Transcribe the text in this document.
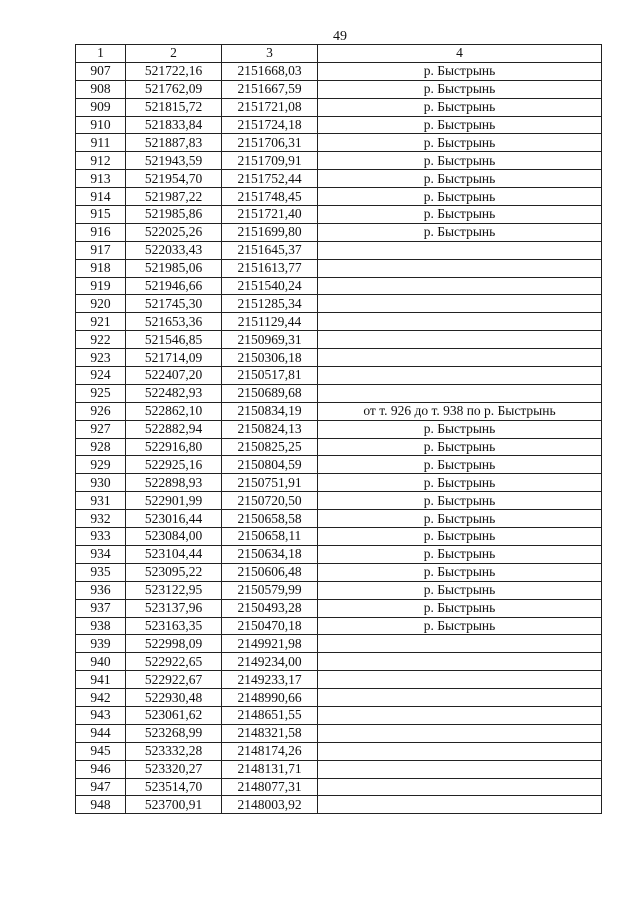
49
1	2	3	4
907	521722,16	2151668,03	р. Быстрынь
908	521762,09	2151667,59	р. Быстрынь
909	521815,72	2151721,08	р. Быстрынь
910	521833,84	2151724,18	р. Быстрынь
911	521887,83	2151706,31	р. Быстрынь
912	521943,59	2151709,91	р. Быстрынь
913	521954,70	2151752,44	р. Быстрынь
914	521987,22	2151748,45	р. Быстрынь
915	521985,86	2151721,40	р. Быстрынь
916	522025,26	2151699,80	р. Быстрынь
917	522033,43	2151645,37	
918	521985,06	2151613,77	
919	521946,66	2151540,24	
920	521745,30	2151285,34	
921	521653,36	2151129,44	
922	521546,85	2150969,31	
923	521714,09	2150306,18	
924	522407,20	2150517,81	
925	522482,93	2150689,68	
926	522862,10	2150834,19	от т. 926 до т. 938 по р. Быстрынь
927	522882,94	2150824,13	р. Быстрынь
928	522916,80	2150825,25	р. Быстрынь
929	522925,16	2150804,59	р. Быстрынь
930	522898,93	2150751,91	р. Быстрынь
931	522901,99	2150720,50	р. Быстрынь
932	523016,44	2150658,58	р. Быстрынь
933	523084,00	2150658,11	р. Быстрынь
934	523104,44	2150634,18	р. Быстрынь
935	523095,22	2150606,48	р. Быстрынь
936	523122,95	2150579,99	р. Быстрынь
937	523137,96	2150493,28	р. Быстрынь
938	523163,35	2150470,18	р. Быстрынь
939	522998,09	2149921,98	
940	522922,65	2149234,00	
941	522922,67	2149233,17	
942	522930,48	2148990,66	
943	523061,62	2148651,55	
944	523268,99	2148321,58	
945	523332,28	2148174,26	
946	523320,27	2148131,71	
947	523514,70	2148077,31	
948	523700,91	2148003,92	
